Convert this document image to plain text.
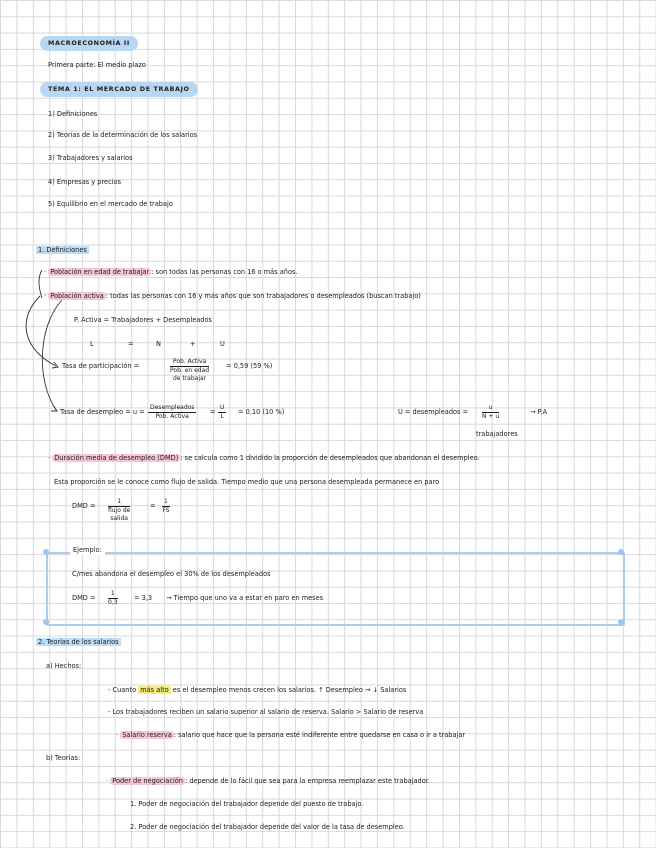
MACROECONOMÍA II
Primera parte: El medio plazo
TEMA 1: EL MERCADO DE TRABAJO
1) Definiciones
2) Teorías de la determinación de los salarios
3) Trabajadores y salarios
4) Empresas y precios
5) Equilibrio en el mercado de trabajo
1. Definiciones
· Población en edad de trabajar : son todas las personas con 16 o más años.
· Población activa : todas las personas con 16 y más años que son trabajadores o desempleados (buscan trabajo)
P. Activa = Trabajadores + Desempleados
L	=	N	+	U
Tasa de participación =
Pob. Activa
Pob. en edad
de trabajar
= 0,59 (59 %)
Tasa de desempleo = u =
Desempleados
Pob. Activa
= $\frac{U}{L} = 0,10$ (10 %)	U = desempleados = $\frac{u}{N + u}$	→ P.A
trabajadores
· Duración media de desempleo (DMD) : se calcula como 1 dividido la proporción de desempleados que abandonan el desempleo.
Esta proporción se le conoce como flujo de salida. Tiempo medio que una persona desempleada permanece en paro
DMD =
1
flujo de
salida
= $\frac{1}{FS}$
Ejemplo:
C/mes abandona el desempleo el 30% de los desempleados
DMD = $\frac{1}{0,3} = 3,3$ → Tiempo que uno va a estar en paro en meses
2. Teorías de los salarios
a) Hechos:
- Cuanto más alto es el desempleo menos crecen los salarios. ↑ Desempleo → ↓ Salarios
- Los trabajadores reciben un salario superior al salario de reserva. Salario > Salario de reserva
· Salario reserva : salario que hace que la persona esté indiferente entre quedarse en casa o ir a trabajar
b) Teorías:
· Poder de negociación : depende de lo fácil que sea para la empresa reemplazar este trabajador.
1. Poder de negociación del trabajador depende del puesto de trabajo.
2. Poder de negociación del trabajador depende del valor de la tasa de desempleo.
